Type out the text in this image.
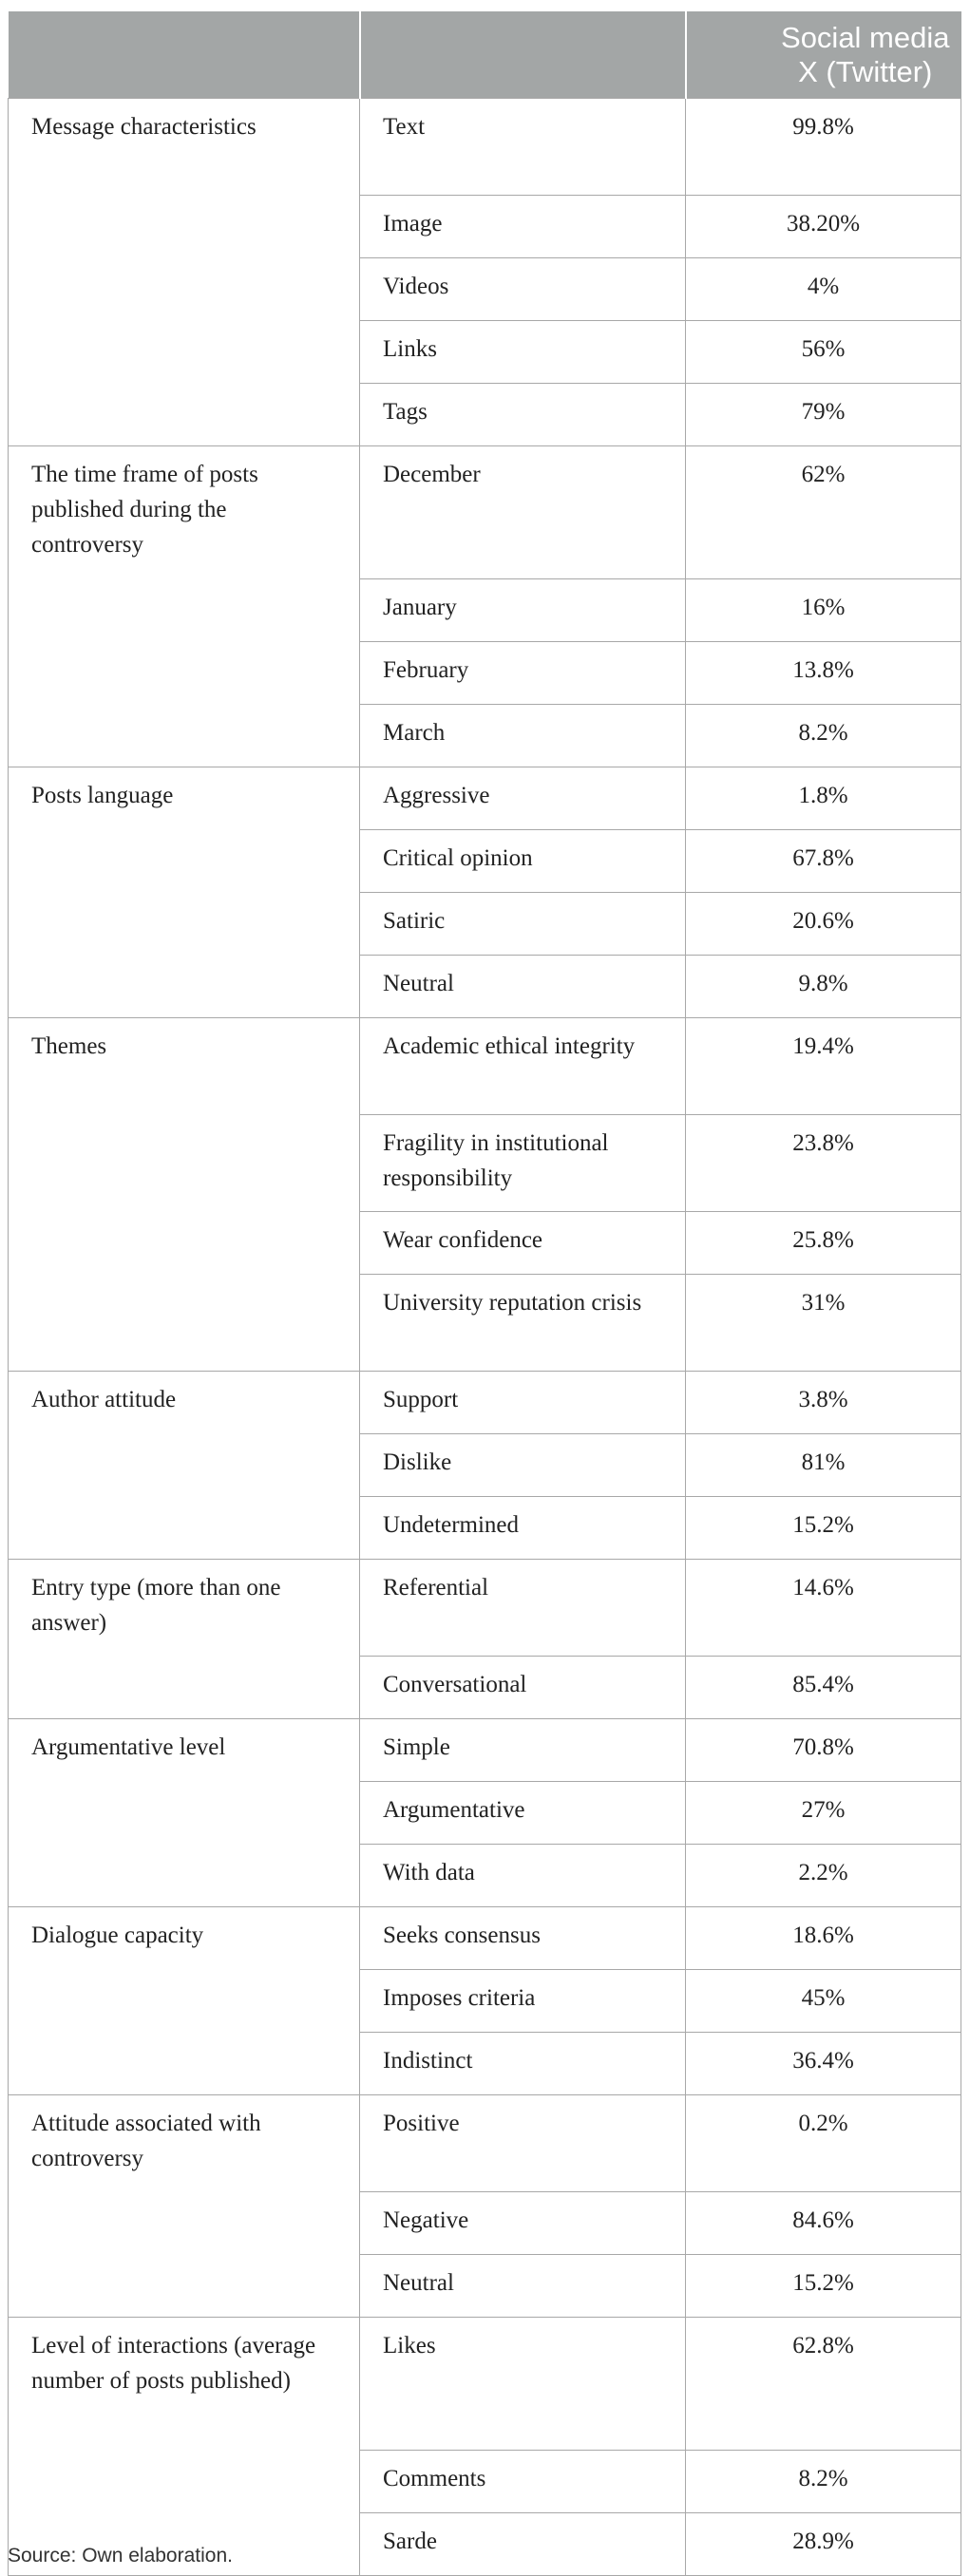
		Social media
X (Twitter)
Message characteristics	Text	99.8%
	Image	38.20%
	Videos	4%
	Links	56%
	Tags	79%
The time frame of posts published during the controversy	December	62%
	January	16%
	February	13.8%
	March	8.2%
Posts language	Aggressive	1.8%
	Critical opinion	67.8%
	Satiric	20.6%
	Neutral	9.8%
Themes	Academic ethical integrity	19.4%
	Fragility in institutional responsibility	23.8%
	Wear confidence	25.8%
	University reputation crisis	31%
Author attitude	Support	3.8%
	Dislike	81%
	Undetermined	15.2%
Entry type (more than one answer)	Referential	14.6%
	Conversational	85.4%
Argumentative level	Simple	70.8%
	Argumentative	27%
	With data	2.2%
Dialogue capacity	Seeks consensus	18.6%
	Imposes criteria	45%
	Indistinct	36.4%
Attitude associated with controversy	Positive	0.2%
	Negative	84.6%
	Neutral	15.2%
Level of interactions (average number of posts published)	Likes	62.8%
	Comments	8.2%
	Sarde	28.9%
Source: Own elaboration.
